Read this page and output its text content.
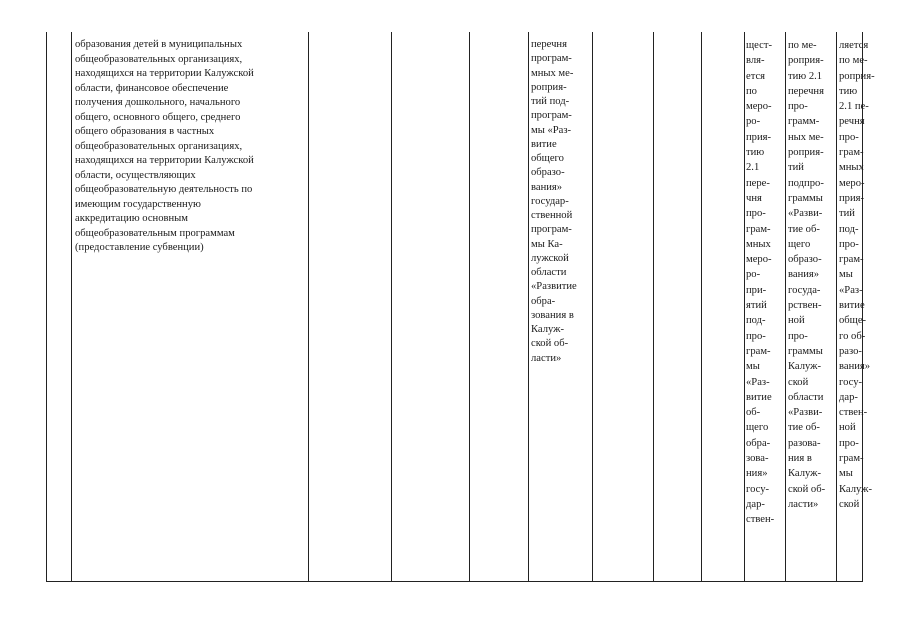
образования детей в муниципальных
общеобразовательных организациях,
находящихся на территории Калужской
области, финансовое обеспечение
получения дошкольного, начального
общего, основного общего, среднего
общего образования в частных
общеобразовательных организациях,
находящихся на территории Калужской
области, осуществляющих
общеобразовательную деятельность по
имеющим государственную
аккредитацию основным
общеобразовательным программам
(предоставление субвенции)
перечня
програм-
мных ме-
роприя-
тий под-
програм-
мы «Раз-
витие
общего
образо-
вания»
государ-
ственной
програм-
мы Ка-
лужской
области
«Развитие
обра-
зования в
Калуж-
ской об-
ласти»
щест-
вля-
ется
по
меро-
ро-
прия-
тию
2.1
пере-
чня
про-
грам-
мных
меро-
ро-
при-
ятий
под-
про-
грам-
мы
«Раз-
витие
об-
щего
обра-
зова-
ния»
госу-
дар-
ствен-
по ме-
роприя-
тию 2.1
перечня
про-
грамм-
ных ме-
роприя-
тий
подпро-
граммы
«Разви-
тие об-
щего
образо-
вания»
госуда-
рствен-
ной
про-
граммы
Калуж-
ской
области
«Разви-
тие об-
разова-
ния в
Калуж-
ской об-
ласти»
ляется
по ме-
роприя-
тию
2.1 пе-
речня
про-
грам-
мных
меро-
прия-
тий
под-
про-
грам-
мы
«Раз-
витие
обще-
го об-
разо-
вания»
госу-
дар-
ствен-
ной
про-
грам-
мы
Калуж-
ской
